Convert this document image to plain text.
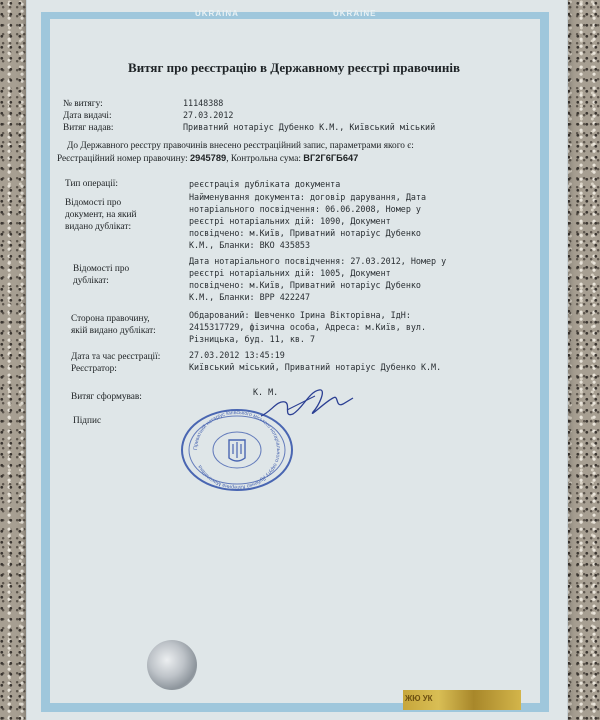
UKRAINA	UKRAINE
Витяг про реєстрацію в Державному реєстрі правочинів
№ витягу:	11148388
Дата видачі:	27.03.2012
Витяг надав:	Приватний нотаріус Дубенко К.М., Київський міський
До Державного реєстру правочинів внесено реєстраційний запис, параметрами якого є:
Реєстраційний номер правочину: 2945789, Контрольна сума: ВГ2Г6ГБ647
Тип операції:	реєстрація дубліката документа
Відомості про
документ, на який
видано дублікат:
Найменування документа: договір дарування, Дата
нотаріального посвідчення: 06.06.2008, Номер у
реєстрі нотаріальних дій: 1090, Документ
посвідчено: м.Київ, Приватний нотаріус Дубенко
К.М., Бланки: ВКО 435853
Відомості про
дублікат:
Дата нотаріального посвідчення: 27.03.2012, Номер у
реєстрі нотаріальних дій: 1005, Документ
посвідчено: м.Київ, Приватний нотаріус Дубенко
К.М., Бланки: ВРР 422247
Сторона правочину,
якій видано дублікат:
Обдарований: Шевченко Ірина Вікторівна, ІдН:
2415317729, фізична особа, Адреса: м.Київ, вул.
Різницька, буд. 11, кв. 7
Дата та час реєстрації:	27.03.2012 13:45:19
Реєстратор:	Київський міський, Приватний нотаріус Дубенко К.М.
Витяг сформував:	К. М.
Підпис
Приватний нотаріус Київського міського нотаріального округу Дубенко Катерина Миколаївна
ЖЮ УК
